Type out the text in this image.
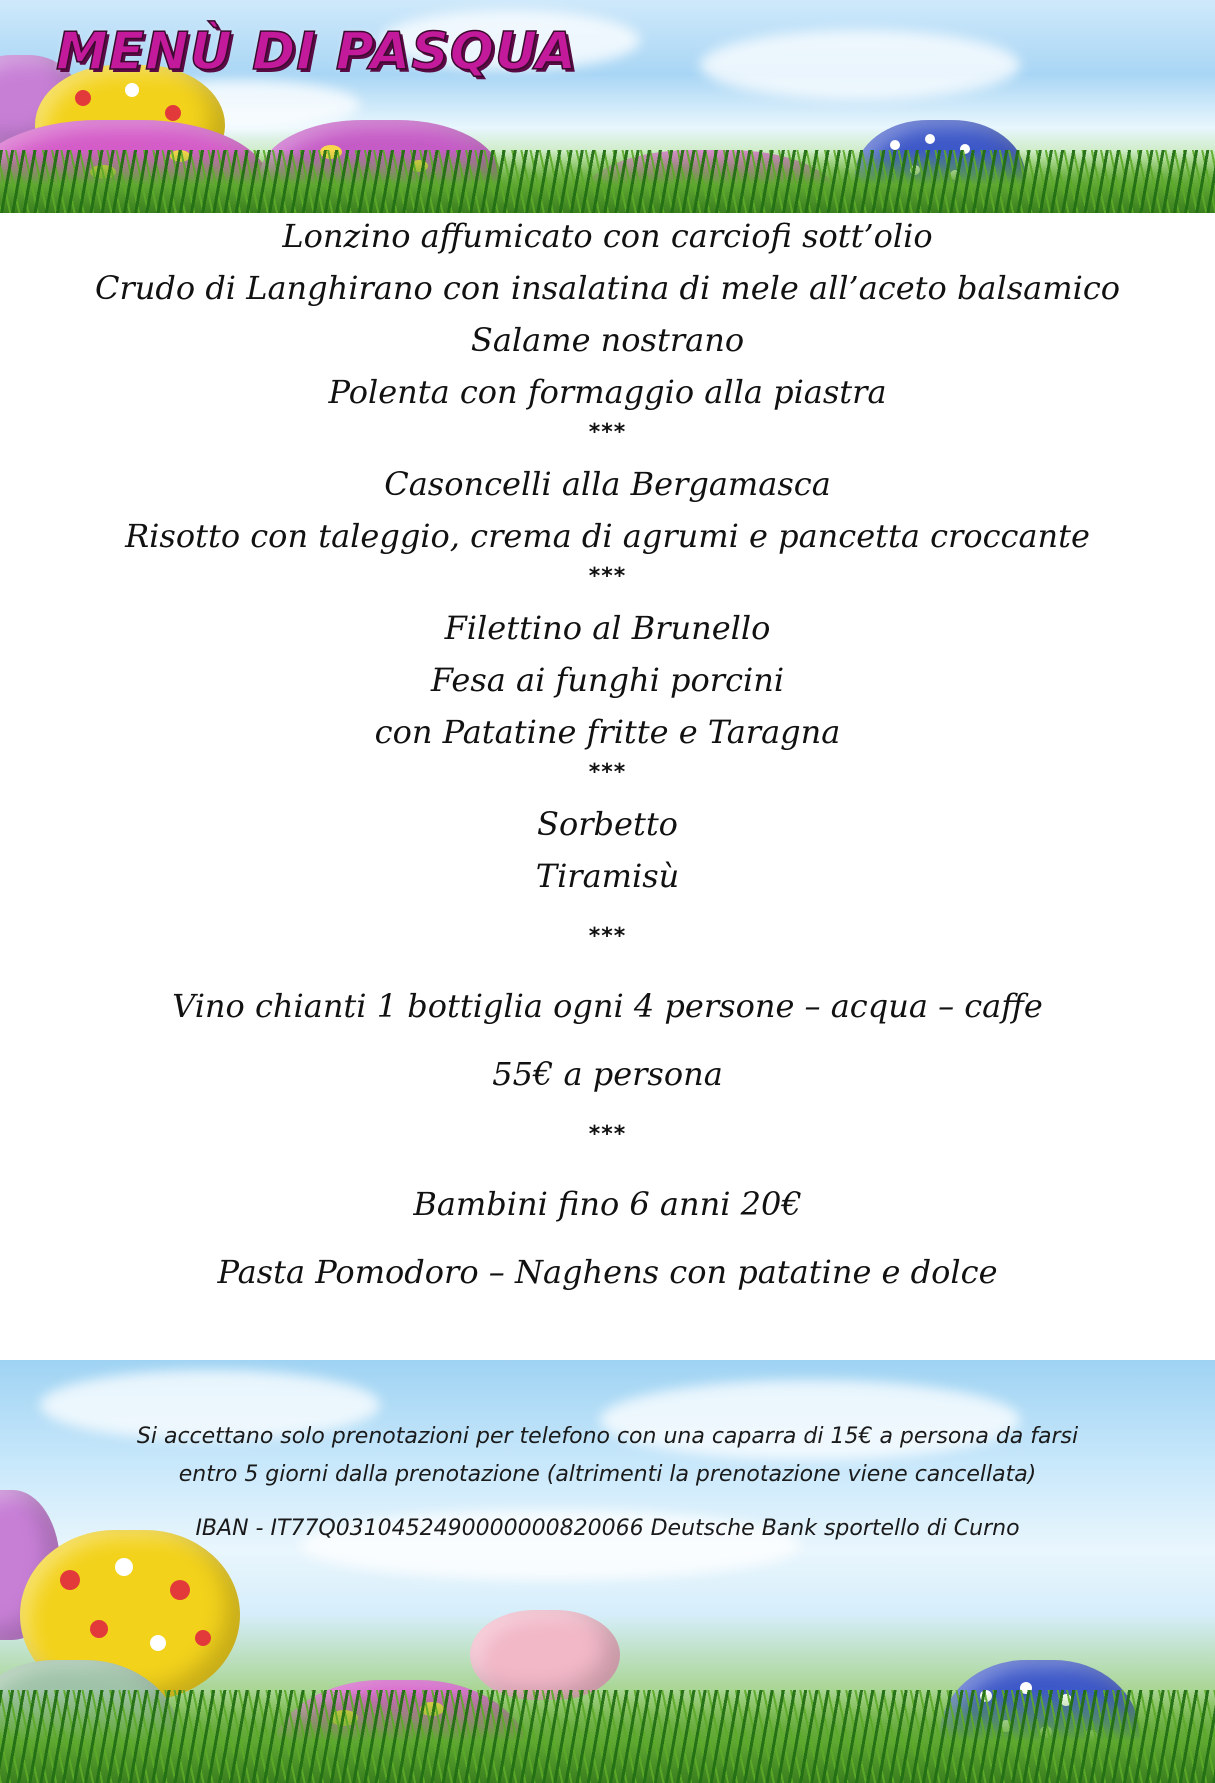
MENÙ DI PASQUA
Lonzino affumicato con carciofi sott’olio
Crudo di Langhirano con insalatina di mele all’aceto balsamico
Salame nostrano
Polenta con formaggio alla piastra
***
Casoncelli alla Bergamasca
Risotto con taleggio, crema di agrumi e pancetta croccante
***
Filettino al Brunello
Fesa ai funghi porcini
con Patatine fritte e Taragna
***
Sorbetto
Tiramisù
***
Vino chianti 1 bottiglia ogni 4 persone – acqua – caffe
55€ a persona
***
Bambini fino 6 anni 20€
Pasta Pomodoro – Naghens con patatine e dolce
Si accettano solo prenotazioni per telefono con una caparra di 15€ a persona da farsi
entro 5 giorni dalla prenotazione (altrimenti la prenotazione viene cancellata)
IBAN - IT77Q0310452490000000820066 Deutsche Bank sportello di Curno
